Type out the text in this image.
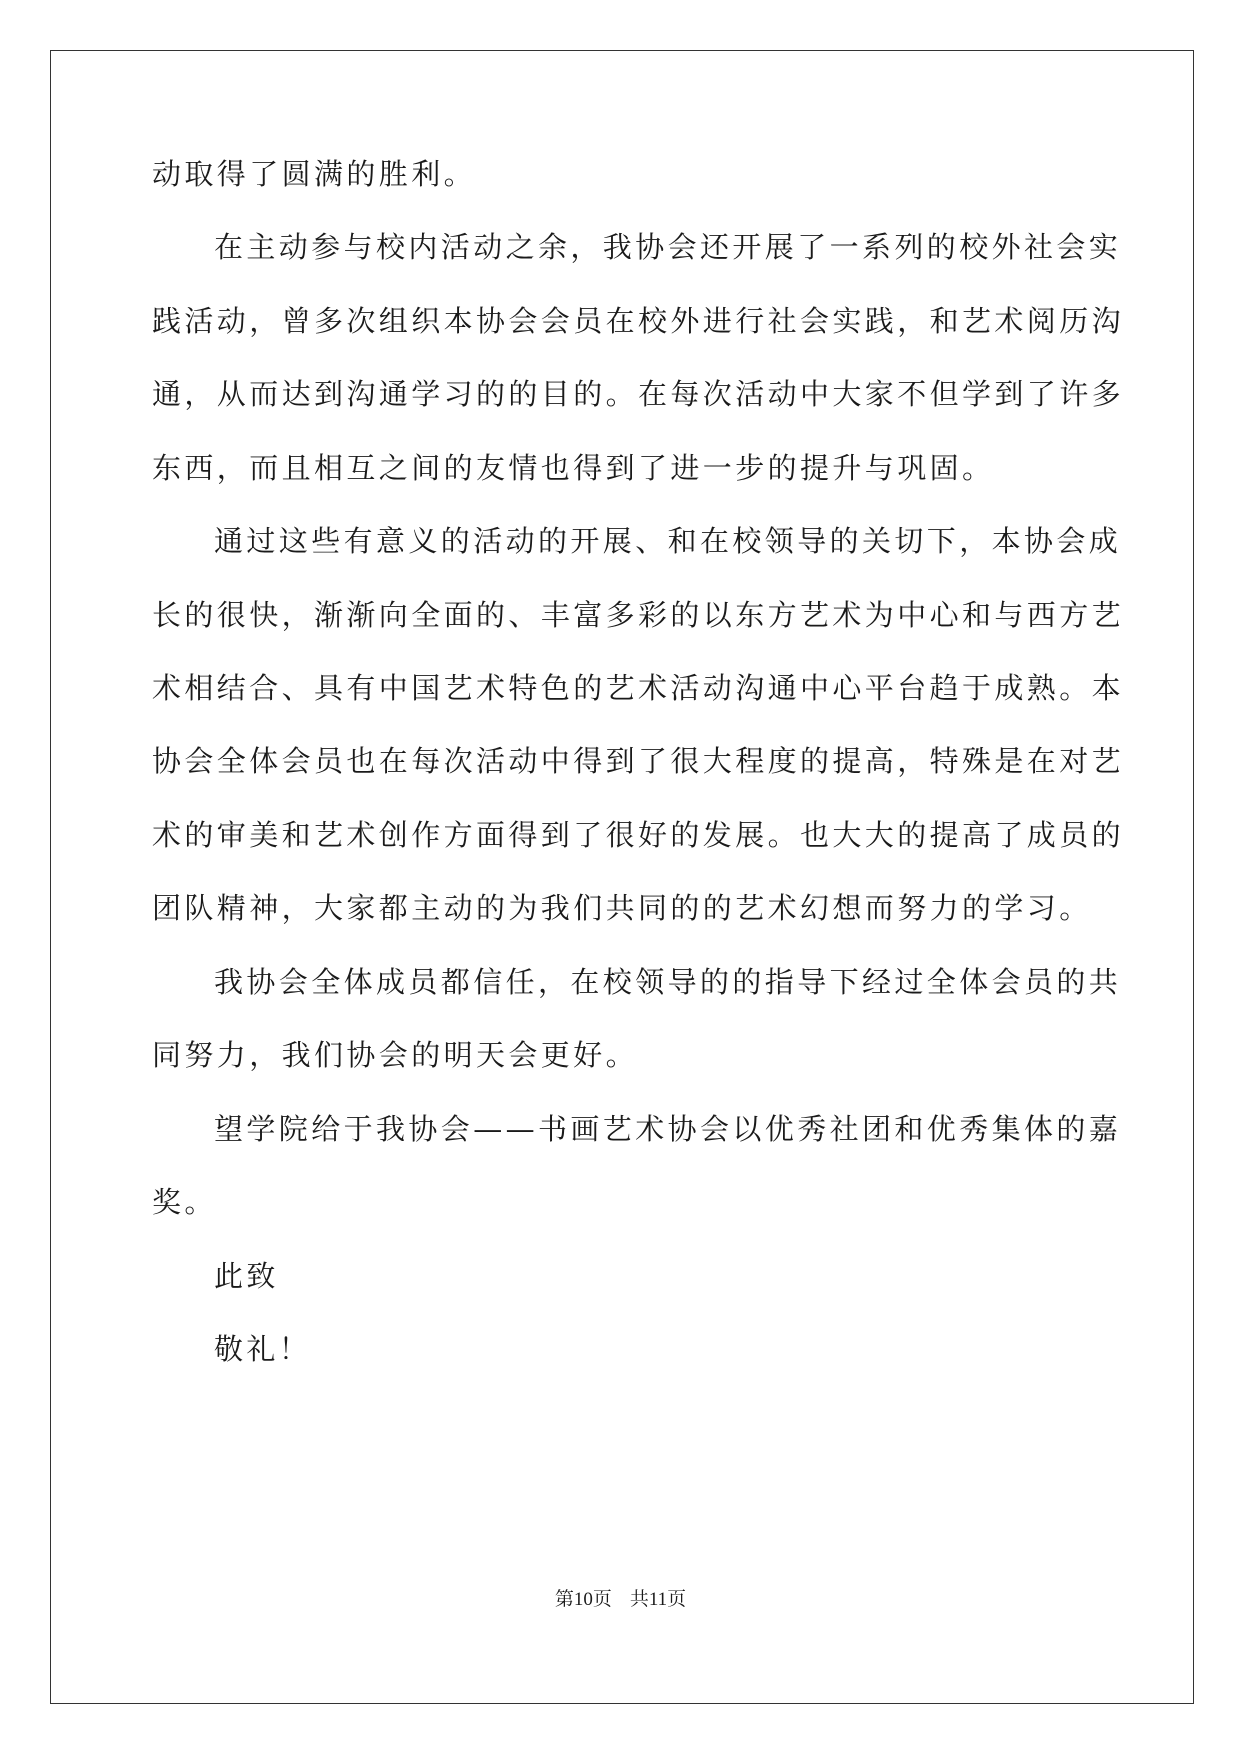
动取得了圆满的胜利。
在主动参与校内活动之余，我协会还开展了一系列的校外社会实
践活动，曾多次组织本协会会员在校外进行社会实践，和艺术阅历沟
通，从而达到沟通学习的的目的。在每次活动中大家不但学到了许多
东西，而且相互之间的友情也得到了进一步的提升与巩固。
通过这些有意义的活动的开展、和在校领导的关切下，本协会成
长的很快，渐渐向全面的、丰富多彩的以东方艺术为中心和与西方艺
术相结合、具有中国艺术特色的艺术活动沟通中心平台趋于成熟。本
协会全体会员也在每次活动中得到了很大程度的提高，特殊是在对艺
术的审美和艺术创作方面得到了很好的发展。也大大的提高了成员的
团队精神，大家都主动的为我们共同的的艺术幻想而努力的学习。
我协会全体成员都信任，在校领导的的指导下经过全体会员的共
同努力，我们协会的明天会更好。
望学院给于我协会——书画艺术协会以优秀社团和优秀集体的嘉
奖。
此致
敬礼！
第10页 共11页
